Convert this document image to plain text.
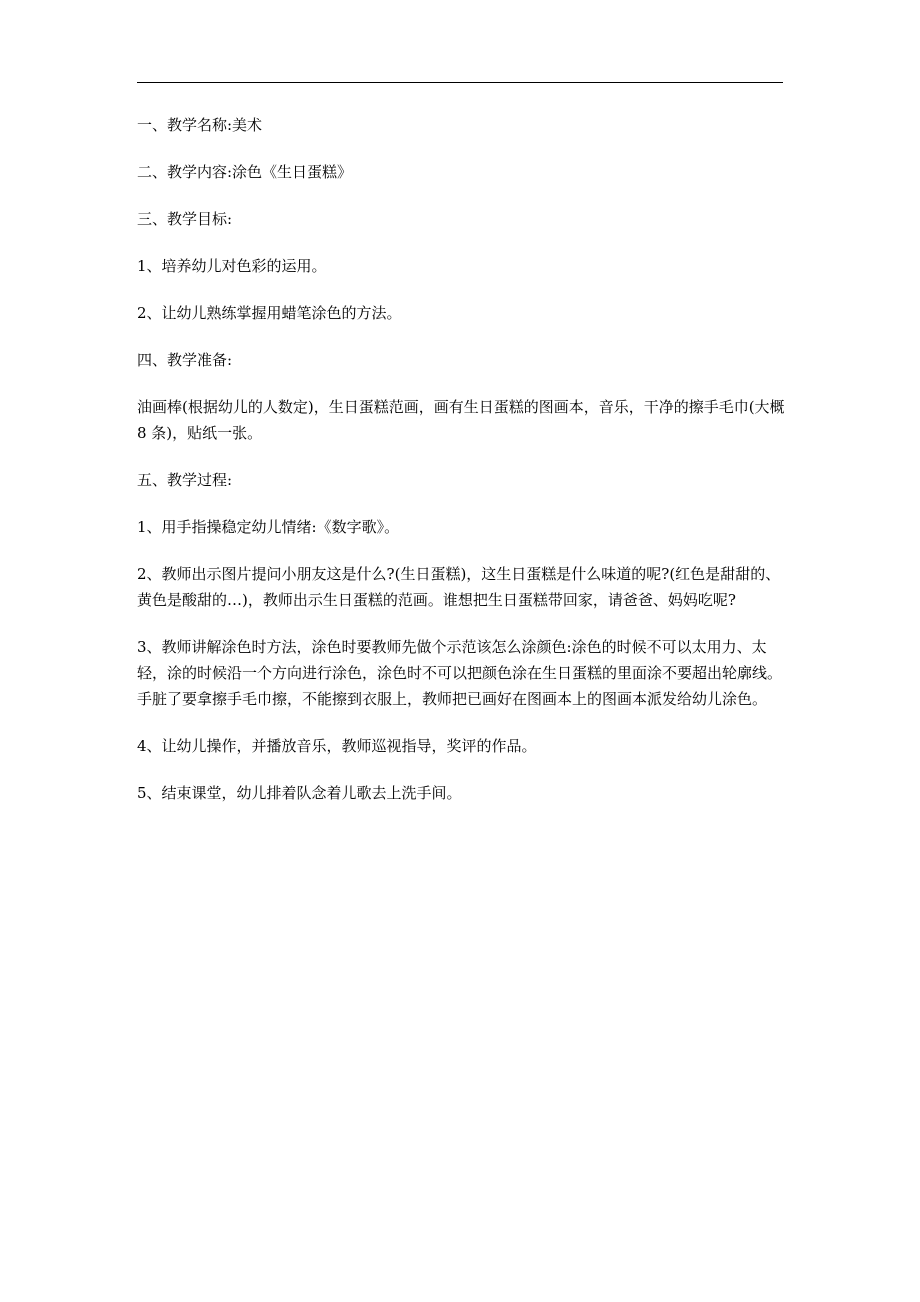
一、教学名称:美术

二、教学内容:涂色《生日蛋糕》

三、教学目标:

1、培养幼儿对色彩的运用。

2、让幼儿熟练掌握用蜡笔涂色的方法。

四、教学准备:

油画棒(根据幼儿的人数定)，生日蛋糕范画，画有生日蛋糕的图画本，音乐，干净的擦手毛巾(大概 8 条)，贴纸一张。

五、教学过程:

1、用手指操稳定幼儿情绪:《数字歌》。

2、教师出示图片提问小朋友这是什么?(生日蛋糕)，这生日蛋糕是什么味道的呢?(红色是甜甜的、黄色是酸甜的…)，教师出示生日蛋糕的范画。谁想把生日蛋糕带回家，请爸爸、妈妈吃呢?

3、教师讲解涂色时方法，涂色时要教师先做个示范该怎么涂颜色:涂色的时候不可以太用力、太轻，涂的时候沿一个方向进行涂色，涂色时不可以把颜色涂在生日蛋糕的里面涂不要超出轮廓线。手脏了要拿擦手毛巾擦，不能擦到衣服上，教师把已画好在图画本上的图画本派发给幼儿涂色。

4、让幼儿操作，并播放音乐，教师巡视指导，奖评的作品。

5、结束课堂，幼儿排着队念着儿歌去上洗手间。
